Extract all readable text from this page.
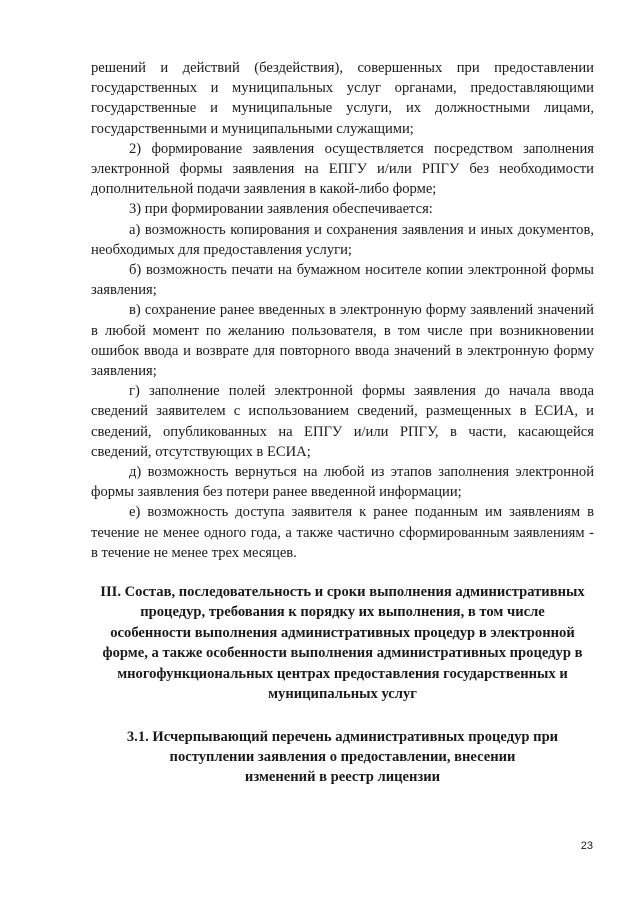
решений и действий (бездействия), совершенных при предоставлении государственных и муниципальных услуг органами, предоставляющими государственные и муниципальные услуги, их должностными лицами, государственными и муниципальными служащими;

2) формирование заявления осуществляется посредством заполнения электронной формы заявления на ЕПГУ и/или РПГУ без необходимости дополнительной подачи заявления в какой-либо форме;

3) при формировании заявления обеспечивается:

а) возможность копирования и сохранения заявления и иных документов, необходимых для предоставления услуги;

б) возможность печати на бумажном носителе копии электронной формы заявления;

в) сохранение ранее введенных в электронную форму заявлений значений в любой момент по желанию пользователя, в том числе при возникновении ошибок ввода и возврате для повторного ввода значений в электронную форму заявления;

г) заполнение полей электронной формы заявления до начала ввода сведений заявителем с использованием сведений, размещенных в ЕСИА, и сведений, опубликованных на ЕПГУ и/или РПГУ, в части, касающейся сведений, отсутствующих в ЕСИА;

д) возможность вернуться на любой из этапов заполнения электронной формы заявления без потери ранее введенной информации;

е) возможность доступа заявителя к ранее поданным им заявлениям в течение не менее одного года, а также частично сформированным заявлениям - в течение не менее трех месяцев.

III. Состав, последовательность и сроки выполнения административных
процедур, требования к порядку их выполнения, в том числе
особенности выполнения административных процедур в электронной
форме, а также особенности выполнения административных процедур в
многофункциональных центрах предоставления государственных и
муниципальных услуг
3.1. Исчерпывающий перечень административных процедур при
поступлении заявления о предоставлении, внесении
изменений в реестр лицензии
23
